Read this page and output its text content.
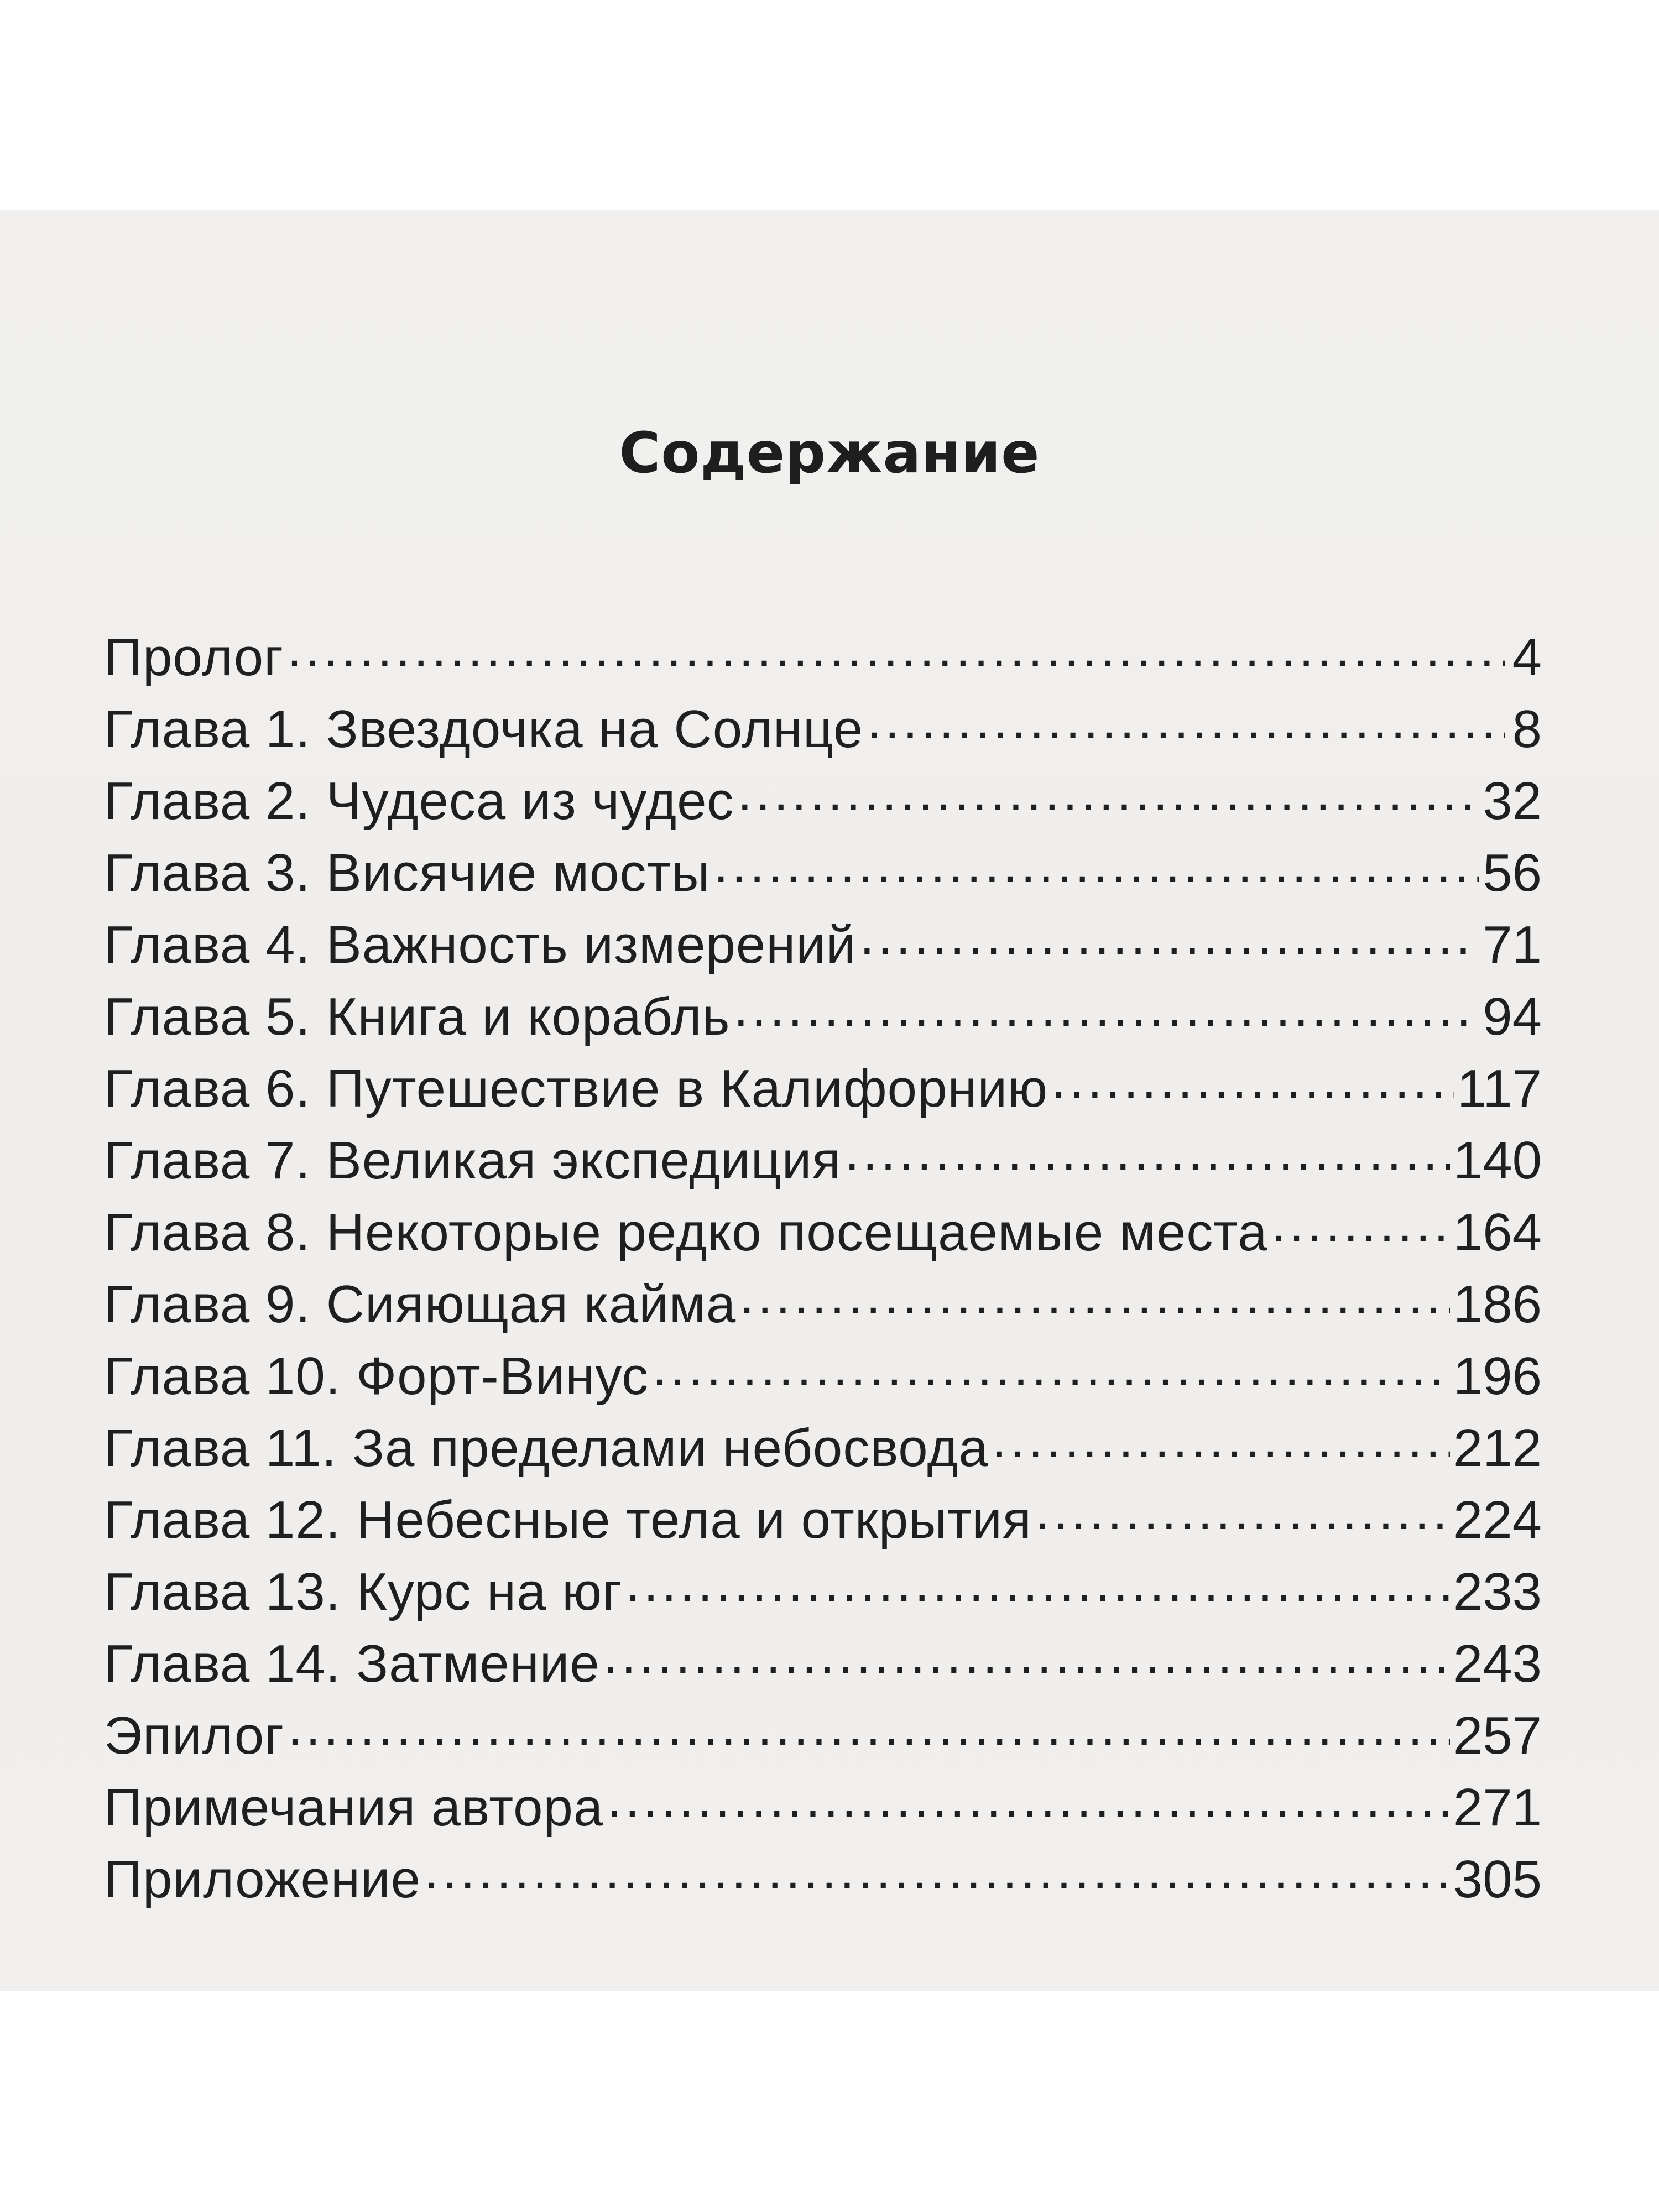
Содержание
Пролог .....	4
Глава 1. Звездочка на Солнце .....	8
Глава 2. Чудеса из чудес .....	32
Глава 3. Висячие мосты .....	56
Глава 4. Важность измерений .....	71
Глава 5. Книга и корабль .....	94
Глава 6. Путешествие в Калифорнию .....	117
Глава 7. Великая экспедиция .....	140
Глава 8. Некоторые редко посещаемые места .....	164
Глава 9. Сияющая кайма .....	186
Глава 10. Форт-Винус .....	196
Глава 11. За пределами небосвода .....	212
Глава 12. Небесные тела и открытия .....	224
Глава 13. Курс на юг .....	233
Глава 14. Затмение .....	243
Эпилог .....	257
Примечания автора .....	271
Приложение .....	305
